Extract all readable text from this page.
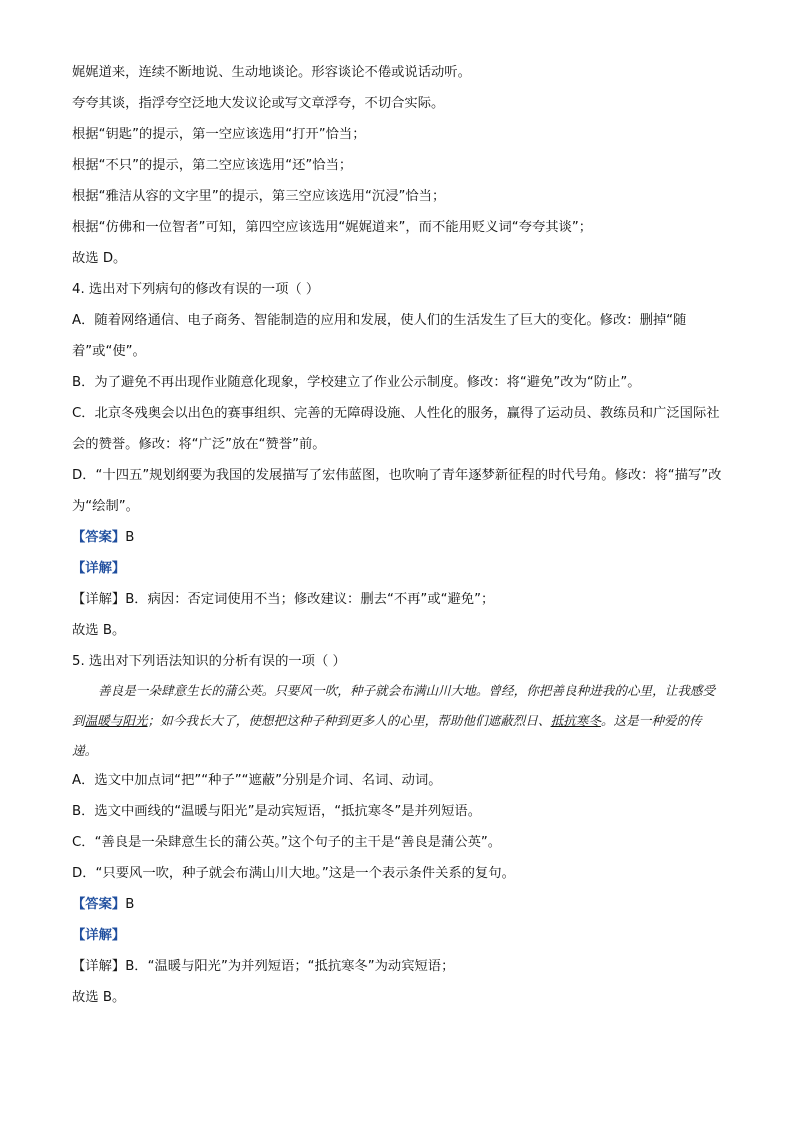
娓娓道来，连续不断地说、生动地谈论。形容谈论不倦或说话动听。

夸夸其谈，指浮夸空泛地大发议论或写文章浮夸，不切合实际。

根据“钥匙”的提示，第一空应该选用“打开”恰当；

根据“不只”的提示，第二空应该选用“还”恰当；

根据“雅洁从容的文字里”的提示，第三空应该选用“沉浸”恰当；

根据“仿佛和一位智者”可知，第四空应该选用“娓娓道来”，而不能用贬义词“夸夸其谈”；

故选 D。

4. 选出对下列病句的修改有误的一项（ ）

A．随着网络通信、电子商务、智能制造的应用和发展，使人们的生活发生了巨大的变化。修改：删掉“随着”或“使”。

B．为了避免不再出现作业随意化现象，学校建立了作业公示制度。修改：将“避免”改为“防止”。

C．北京冬残奥会以出色的赛事组织、完善的无障碍设施、人性化的服务，赢得了运动员、教练员和广泛国际社会的赞誉。修改：将“广泛”放在“赞誉”前。

D．“十四五”规划纲要为我国的发展描写了宏伟蓝图，也吹响了青年逐梦新征程的时代号角。修改：将“描写”改为“绘制”。

【答案】B

【详解】

【详解】B．病因：否定词使用不当；修改建议：删去“不再”或“避免”；

故选 B。

5. 选出对下列语法知识的分析有误的一项（ ）

善良是一朵肆意生长的蒲公英。只要风一吹，种子就会布满山川大地。曾经，你把善良种进我的心里，让我感受到温暖与阳光；如今我长大了，使想把这种子种到更多人的心里，帮助他们遮蔽烈日、抵抗寒冬。这是一种爱的传递。

A．选文中加点词“把”“种子”“遮蔽”分别是介词、名词、动词。

B．选文中画线的“温暖与阳光”是动宾短语，“抵抗寒冬”是并列短语。

C．“善良是一朵肆意生长的蒲公英。”这个句子的主干是“善良是蒲公英”。

D．“只要风一吹，种子就会布满山川大地。”这是一个表示条件关系的复句。

【答案】B

【详解】

【详解】B．“温暖与阳光”为并列短语；“抵抗寒冬”为动宾短语；

故选 B。
